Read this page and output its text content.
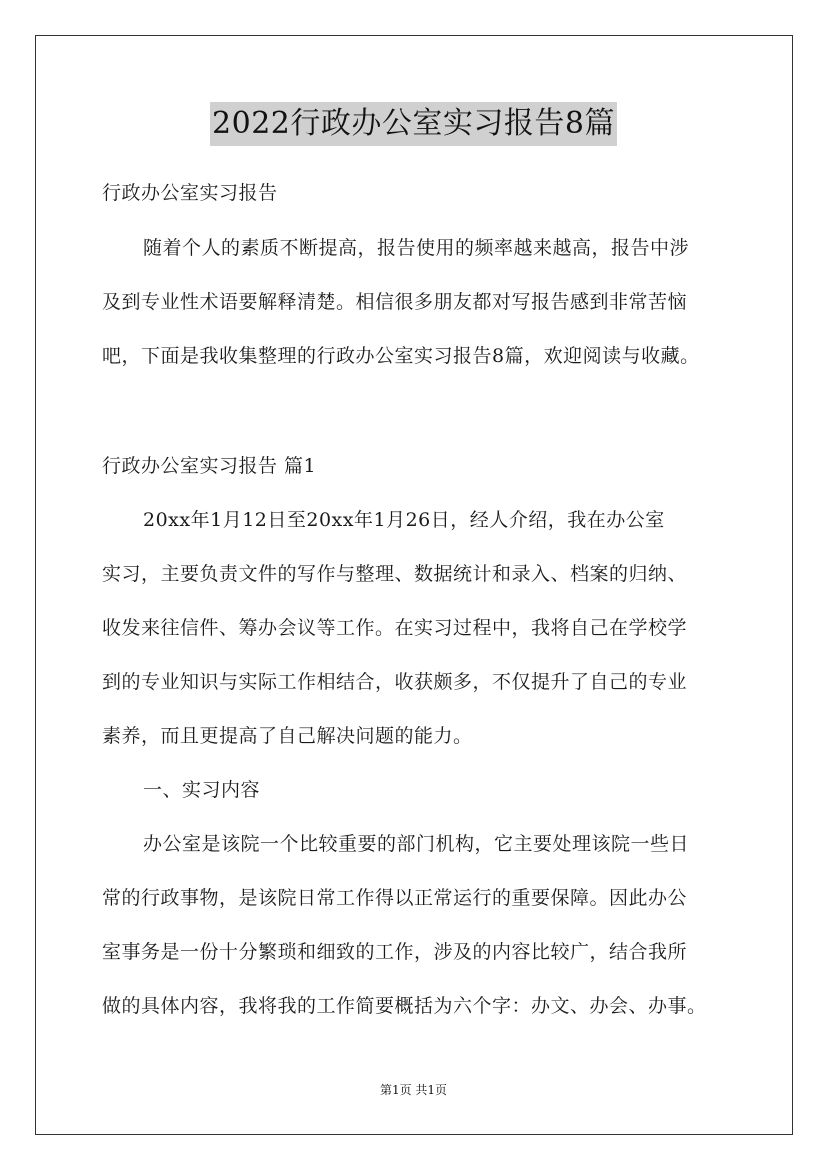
2022行政办公室实习报告8篇
行政办公室实习报告
随着个人的素质不断提高，报告使用的频率越来越高，报告中涉
及到专业性术语要解释清楚。相信很多朋友都对写报告感到非常苦恼
吧，下面是我收集整理的行政办公室实习报告8篇，欢迎阅读与收藏。
行政办公室实习报告 篇1
20xx年1月12日至20xx年1月26日，经人介绍，我在办公室
实习，主要负责文件的写作与整理、数据统计和录入、档案的归纳、
收发来往信件、筹办会议等工作。在实习过程中，我将自己在学校学
到的专业知识与实际工作相结合，收获颇多，不仅提升了自己的专业
素养，而且更提高了自己解决问题的能力。
一、实习内容
办公室是该院一个比较重要的部门机构，它主要处理该院一些日
常的行政事物，是该院日常工作得以正常运行的重要保障。因此办公
室事务是一份十分繁琐和细致的工作，涉及的内容比较广，结合我所
做的具体内容，我将我的工作简要概括为六个字：办文、办会、办事。
第1页 共1页
